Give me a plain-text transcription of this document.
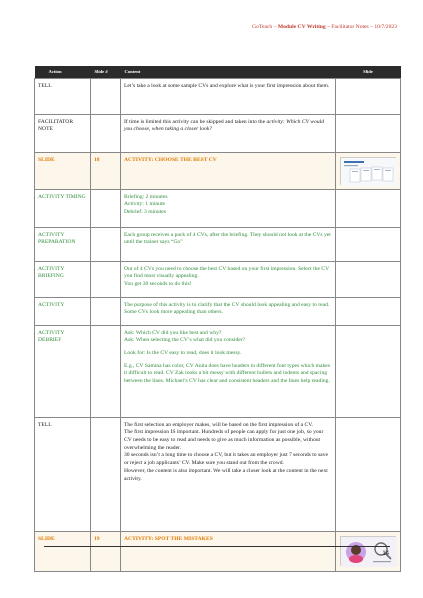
GoTeach – Module CV Writing – Facilitator Notes – 10/7/2023
Action	Slide #	Content	Slide
TELL		Let’s take a look at some sample CVs and explore what is your first impression about them.	

FACILITATOR NOTE		If time is limited this activity can be skipped and taken into the activity: Which CV would you choose, when taking a closer look?	

SLIDE	18	ACTIVITY: CHOOSE THE BEST CV

ACTIVITY TIMING		Briefing: 2 minutes
Activity: 1 minute
Debrief: 3 minutes	

ACTIVITY PREPARATION		Each group receives a pack of 4 CVs, after the briefing. They should not look at the CVs yet until the trainer says “Go”	

ACTIVITY BRIEFING		Out of 4 CVs you need to choose the best CV based on your first impression. Select the CV you find most visually appealing.
You get 30 seconds to do this!	

ACTIVITY		The purpose of this activity is to clarify that the CV should look appealing and easy to read. Some CVs look more appealing than others.	

ACTIVITY DEBRIEF		Ask: Which CV did you like best and why?
Ask: When selecting the CV’s what did you consider?

Look for: Is the CV easy to read, does it look messy.

E.g., CV Samina has color, CV Anita does have headers in different font types which makes it difficult to read. CV Zak looks a bit messy with different bullets and indents and spacing between the lines. Michael’s CV has clear and consistent headers and the lines help reading.	

TELL		The first selection an employer makes, will be based on the first impression of a CV.
The first impression IS important. Hundreds of people can apply for just one job, so your CV needs to be easy to read and needs to give as much information as possible, without overwhelming the reader.
30 seconds isn’t a long time to choose a CV, but it takes an employer just 7 seconds to save or reject a job applicants’ CV. Make sure you stand out from the crowd.
However, the content is also important. We will take a closer look at the content in the next activity.	

SLIDE	19	ACTIVITY: SPOT THE MISTAKES

14
